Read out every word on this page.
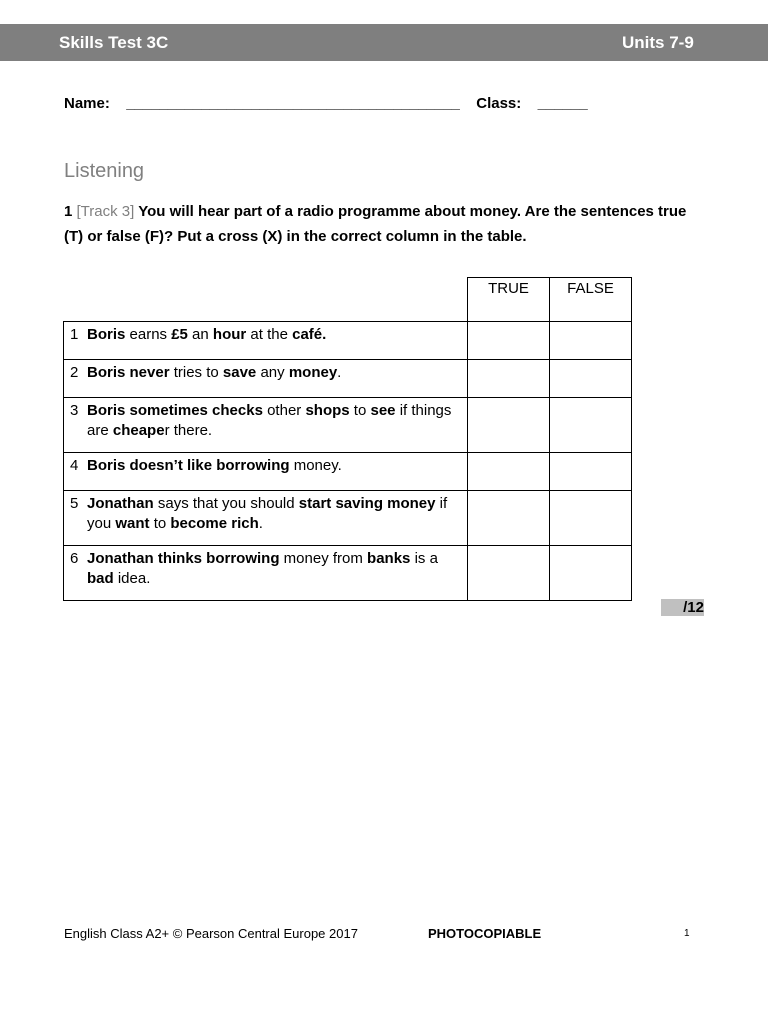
Skills Test 3C	Units 7-9
Name: ________________________________________ Class: ______
Listening
1 [Track 3] You will hear part of a radio programme about money. Are the sentences true (T) or false (F)? Put a cross (X) in the correct column in the table.
	TRUE	FALSE

1 Boris earns £5 an hour at the café.		

2 Boris never tries to save any money.		

3 Boris sometimes checks other shops to see if things are cheaper there.		

4 Boris doesn’t like borrowing money.		

5 Jonathan says that you should start saving money if you want to become rich.		

6 Jonathan thinks borrowing money from banks is a bad idea.		

/12
English Class A2+ © Pearson Central Europe 2017	PHOTOCOPIABLE	1
